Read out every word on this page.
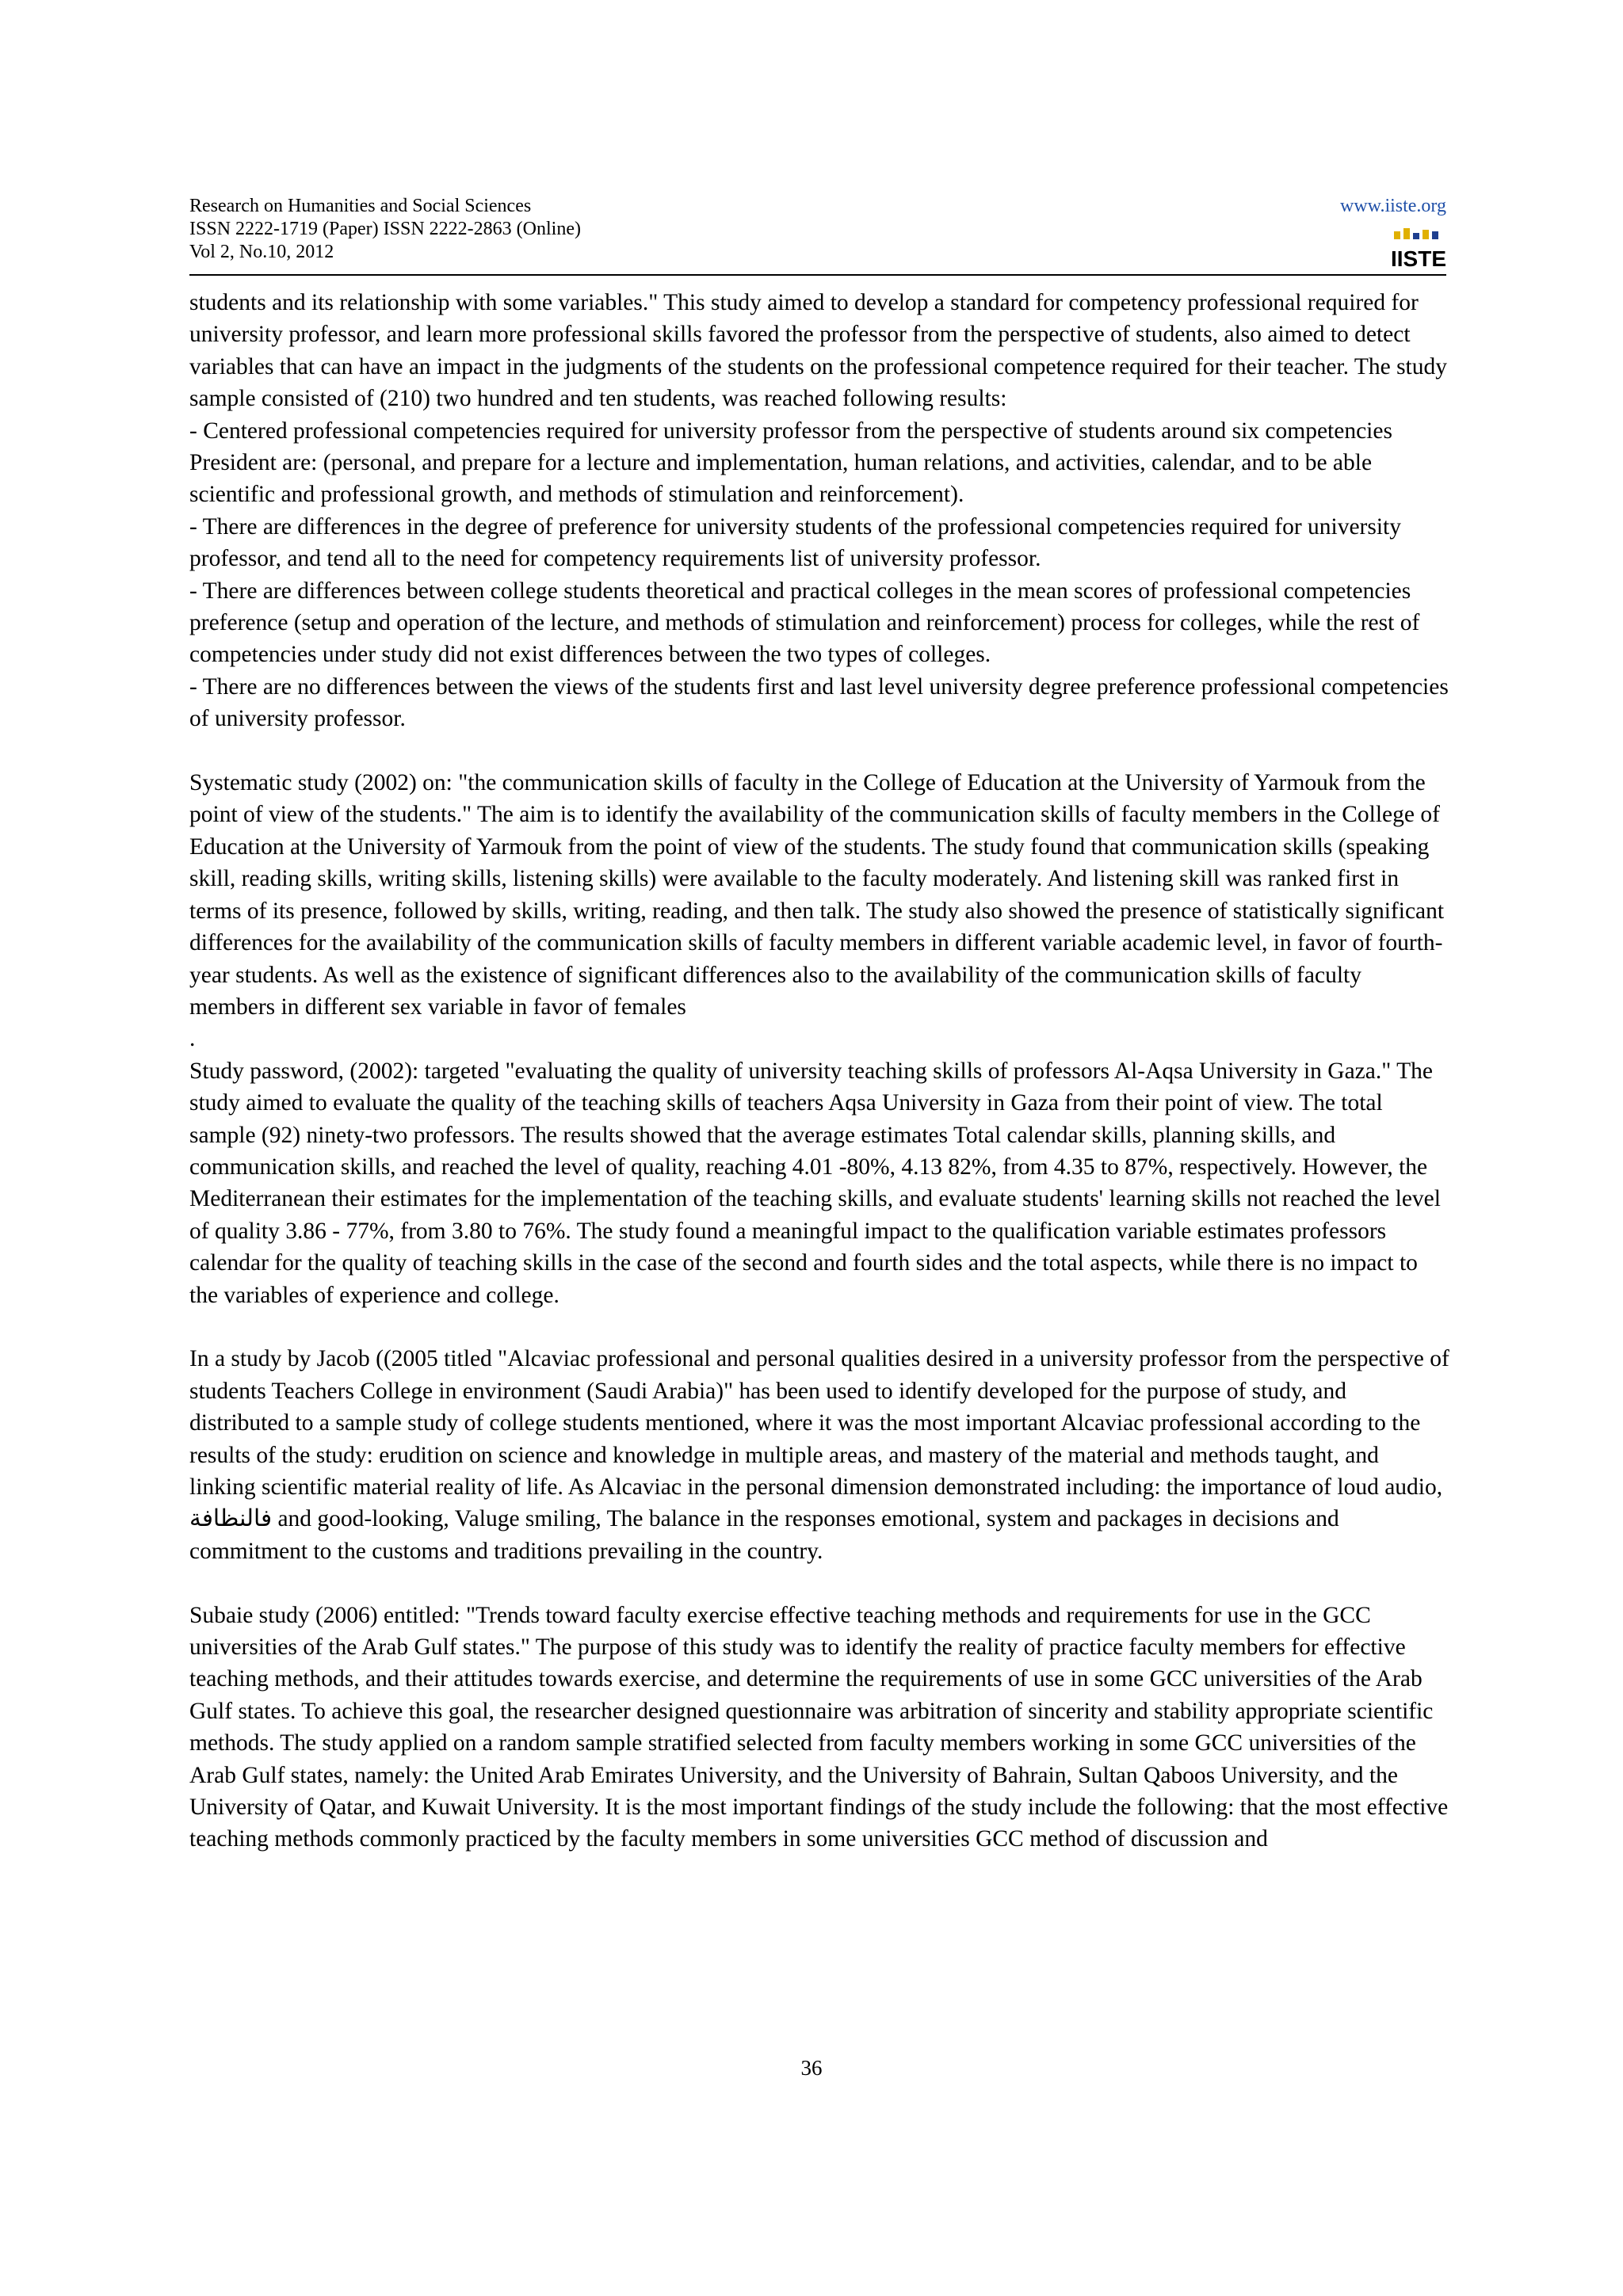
Research on Humanities and Social Sciences
ISSN 2222-1719 (Paper) ISSN 2222-2863 (Online)
Vol 2, No.10, 2012
www.iiste.org
IISTE

students and its relationship with some variables." This study aimed to develop a standard for competency professional required for university professor, and learn more professional skills favored the professor from the perspective of students, also aimed to detect variables that can have an impact in the judgments of the students on the professional competence required for their teacher. The study sample consisted of (210) two hundred and ten students, was reached following results:

- Centered professional competencies required for university professor from the perspective of students around six competencies President are: (personal, and prepare for a lecture and implementation, human relations, and activities, calendar, and to be able scientific and professional growth, and methods of stimulation and reinforcement).

- There are differences in the degree of preference for university students of the professional competencies required for university professor, and tend all to the need for competency requirements list of university professor.

- There are differences between college students theoretical and practical colleges in the mean scores of professional competencies preference (setup and operation of the lecture, and methods of stimulation and reinforcement) process for colleges, while the rest of competencies under study did not exist differences between the two types of colleges.

- There are no differences between the views of the students first and last level university degree preference professional competencies of university professor.

Systematic study (2002) on: "the communication skills of faculty in the College of Education at the University of Yarmouk from the point of view of the students." The aim is to identify the availability of the communication skills of faculty members in the College of Education at the University of Yarmouk from the point of view of the students. The study found that communication skills (speaking skill, reading skills, writing skills, listening skills) were available to the faculty moderately. And listening skill was ranked first in terms of its presence, followed by skills, writing, reading, and then talk. The study also showed the presence of statistically significant differences for the availability of the communication skills of faculty members in different variable academic level, in favor of fourth-year students. As well as the existence of significant differences also to the availability of the communication skills of faculty members in different sex variable in favor of females

.

Study password, (2002): targeted "evaluating the quality of university teaching skills of professors Al-Aqsa University in Gaza." The study aimed to evaluate the quality of the teaching skills of teachers Aqsa University in Gaza from their point of view. The total sample (92) ninety-two professors. The results showed that the average estimates Total calendar skills, planning skills, and communication skills, and reached the level of quality, reaching 4.01 -80%, 4.13 82%, from 4.35 to 87%, respectively. However, the Mediterranean their estimates for the implementation of the teaching skills, and evaluate students' learning skills not reached the level of quality 3.86 - 77%, from 3.80 to 76%. The study found a meaningful impact to the qualification variable estimates professors calendar for the quality of teaching skills in the case of the second and fourth sides and the total aspects, while there is no impact to the variables of experience and college.

In a study by Jacob ((2005 titled "Alcaviac professional and personal qualities desired in a university professor from the perspective of students Teachers College in environment (Saudi Arabia)" has been used to identify developed for the purpose of study, and distributed to a sample study of college students mentioned, where it was the most important Alcaviac professional according to the results of the study: erudition on science and knowledge in multiple areas, and mastery of the material and methods taught, and linking scientific material reality of life. As Alcaviac in the personal dimension demonstrated including: the importance of loud audio, فالنظافة and good-looking, Valuge smiling, The balance in the responses emotional, system and packages in decisions and commitment to the customs and traditions prevailing in the country.

Subaie study (2006) entitled: "Trends toward faculty exercise effective teaching methods and requirements for use in the GCC universities of the Arab Gulf states." The purpose of this study was to identify the reality of practice faculty members for effective teaching methods, and their attitudes towards exercise, and determine the requirements of use in some GCC universities of the Arab Gulf states. To achieve this goal, the researcher designed questionnaire was arbitration of sincerity and stability appropriate scientific methods. The study applied on a random sample stratified selected from faculty members working in some GCC universities of the Arab Gulf states, namely: the United Arab Emirates University, and the University of Bahrain, Sultan Qaboos University, and the University of Qatar, and Kuwait University. It is the most important findings of the study include the following: that the most effective teaching methods commonly practiced by the faculty members in some universities GCC method of discussion and

36
